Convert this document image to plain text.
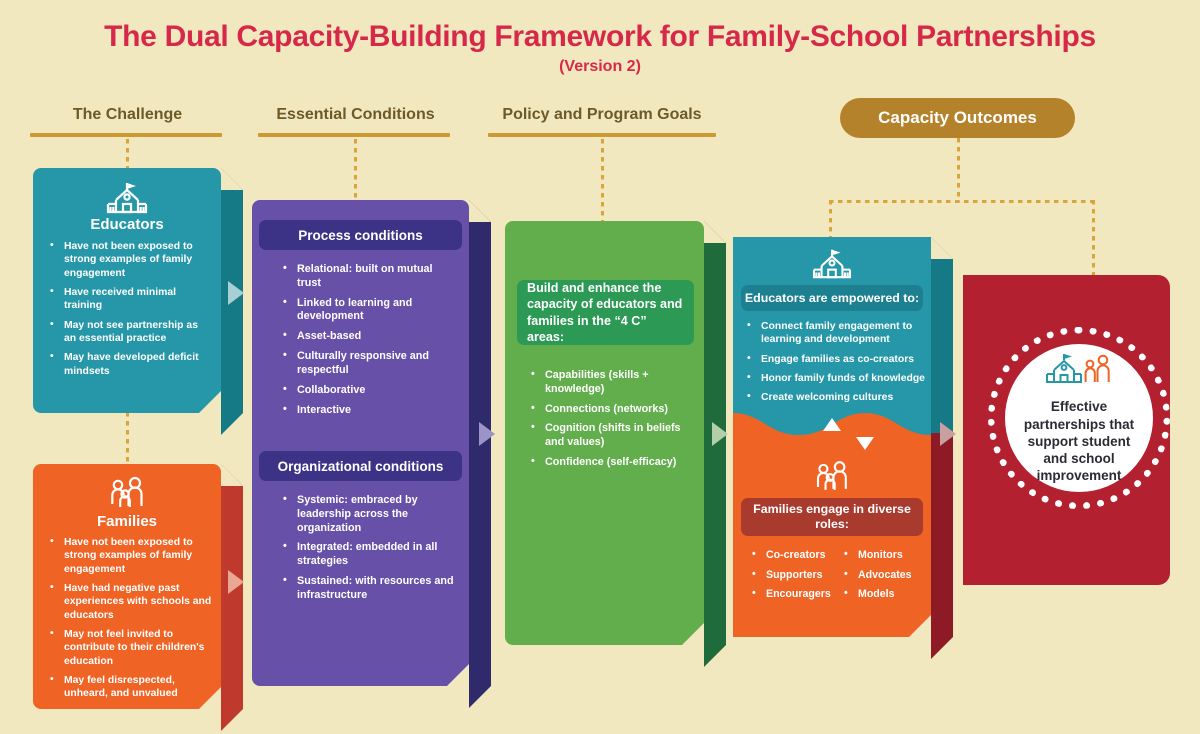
The Dual Capacity-Building Framework for Family-School Partnerships
(Version 2)
The Challenge	Essential Conditions	Policy and Program Goals	Capacity Outcomes
Educators
• Have not been exposed to strong examples of family engagement
• Have received minimal training
• May not see partnership as an essential practice
• May have developed deficit mindsets
Families
• Have not been exposed to strong examples of family engagement
• Have had negative past experiences with schools and educators
• May not feel invited to contribute to their children's education
• May feel disrespected, unheard, and unvalued
Process conditions
• Relational: built on mutual trust
• Linked to learning and development
• Asset-based
• Culturally responsive and respectful
• Collaborative
• Interactive
Organizational conditions
• Systemic: embraced by leadership across the organization
• Integrated: embedded in all strategies
• Sustained: with resources and infrastructure
Build and enhance the capacity of educators and families in the “4 C” areas:
• Capabilities (skills + knowledge)
• Connections (networks)
• Cognition (shifts in beliefs and values)
• Confidence (self-efficacy)
Educators are empowered to:
• Connect family engagement to learning and development
• Engage families as co-creators
• Honor family funds of knowledge
• Create welcoming cultures
Families engage in diverse roles:
• Co-creators
• Supporters
• Encouragers
• Monitors
• Advocates
• Models
Effective partnerships that support student and school improvement
